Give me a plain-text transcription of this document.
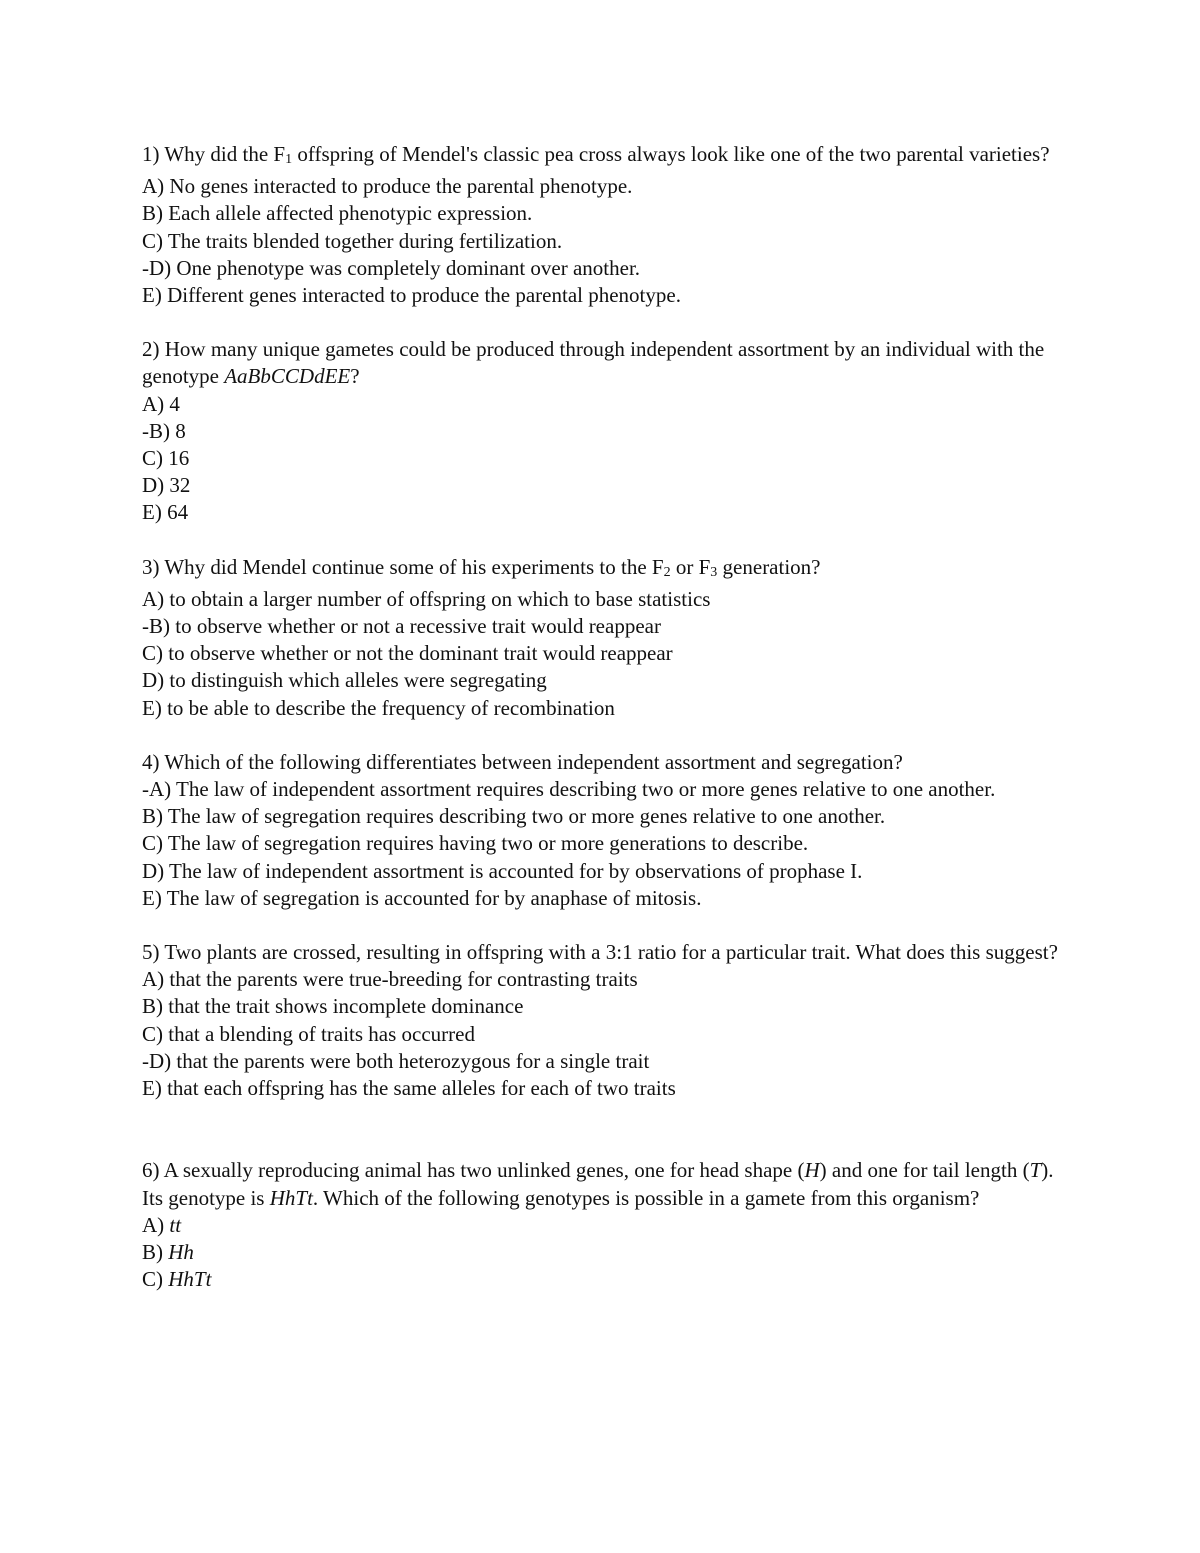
1) Why did the F1 offspring of Mendel's classic pea cross always look like one of the two parental varieties?
A) No genes interacted to produce the parental phenotype.
B) Each allele affected phenotypic expression.
C) The traits blended together during fertilization.
-D) One phenotype was completely dominant over another.
E) Different genes interacted to produce the parental phenotype.
2) How many unique gametes could be produced through independent assortment by an individual with the genotype AaBbCCDdEE?
A) 4
-B) 8
C) 16
D) 32
E) 64
3) Why did Mendel continue some of his experiments to the F2 or F3 generation?
A) to obtain a larger number of offspring on which to base statistics
-B) to observe whether or not a recessive trait would reappear
C) to observe whether or not the dominant trait would reappear
D) to distinguish which alleles were segregating
E) to be able to describe the frequency of recombination
4) Which of the following differentiates between independent assortment and segregation?
-A) The law of independent assortment requires describing two or more genes relative to one another.
B) The law of segregation requires describing two or more genes relative to one another.
C) The law of segregation requires having two or more generations to describe.
D) The law of independent assortment is accounted for by observations of prophase I.
E) The law of segregation is accounted for by anaphase of mitosis.
5) Two plants are crossed, resulting in offspring with a 3:1 ratio for a particular trait. What does this suggest?
A) that the parents were true-breeding for contrasting traits
B) that the trait shows incomplete dominance
C) that a blending of traits has occurred
-D) that the parents were both heterozygous for a single trait
E) that each offspring has the same alleles for each of two traits
6) A sexually reproducing animal has two unlinked genes, one for head shape (H) and one for tail length (T). Its genotype is HhTt. Which of the following genotypes is possible in a gamete from this organism?
A) tt
B) Hh
C) HhTt
